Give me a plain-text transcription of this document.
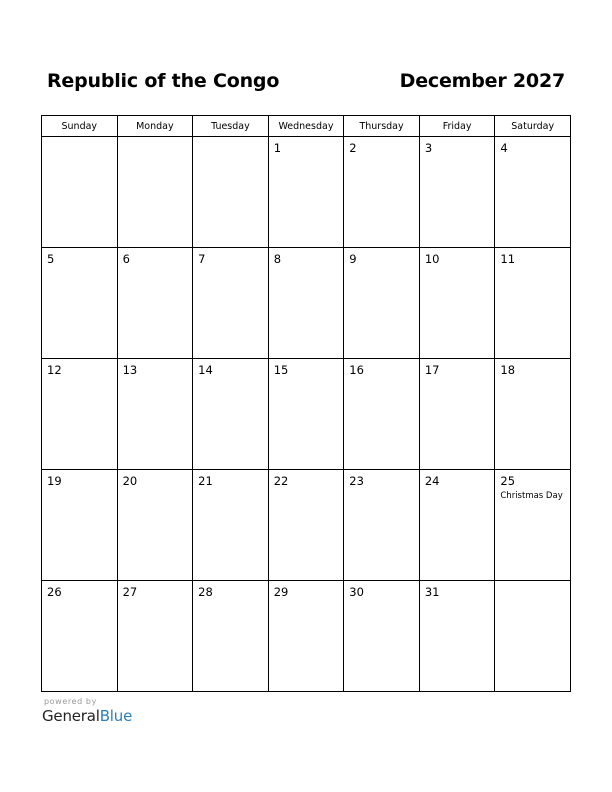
Republic of the Congo	December 2027
Sunday	Monday	Tuesday	Wednesday	Thursday	Friday	Saturday

			1	2	3	4

5	6	7	8	9	10	11

12	13	14	15	16	17	18

19	20	21	22	23	24	25
Christmas Day

26	27	28	29	30	31	

powered by
GeneralBlue
